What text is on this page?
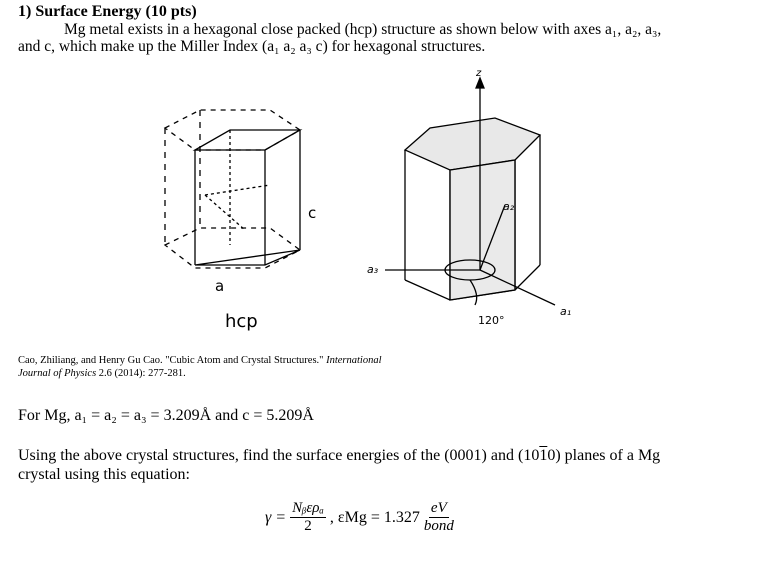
1) Surface Energy (10 pts)
Mg metal exists in a hexagonal close packed (hcp) structure as shown below with axes a₁, a₂, a₃,
and c, which make up the Miller Index (a₁ a₂ a₃ c) for hexagonal structures.
a
c
hcp
z
a₂
a₃
a₁
120°
Cao, Zhiliang, and Henry Gu Cao. "Cubic Atom and Crystal Structures." International
Journal of Physics 2.6 (2014): 277-281.
For Mg, a₁ = a₂ = a₃ = 3.209Å and c = 5.209Å
Using the above crystal structures, find the surface energies of the (0001) and (1010) planes of a Mg
crystal using this equation:
$\gamma = \frac{\text{Nᵦερₐ}}{2}$ , $\varepsilon Mg = 1.327 \frac{eV}{\text{bond}}$
